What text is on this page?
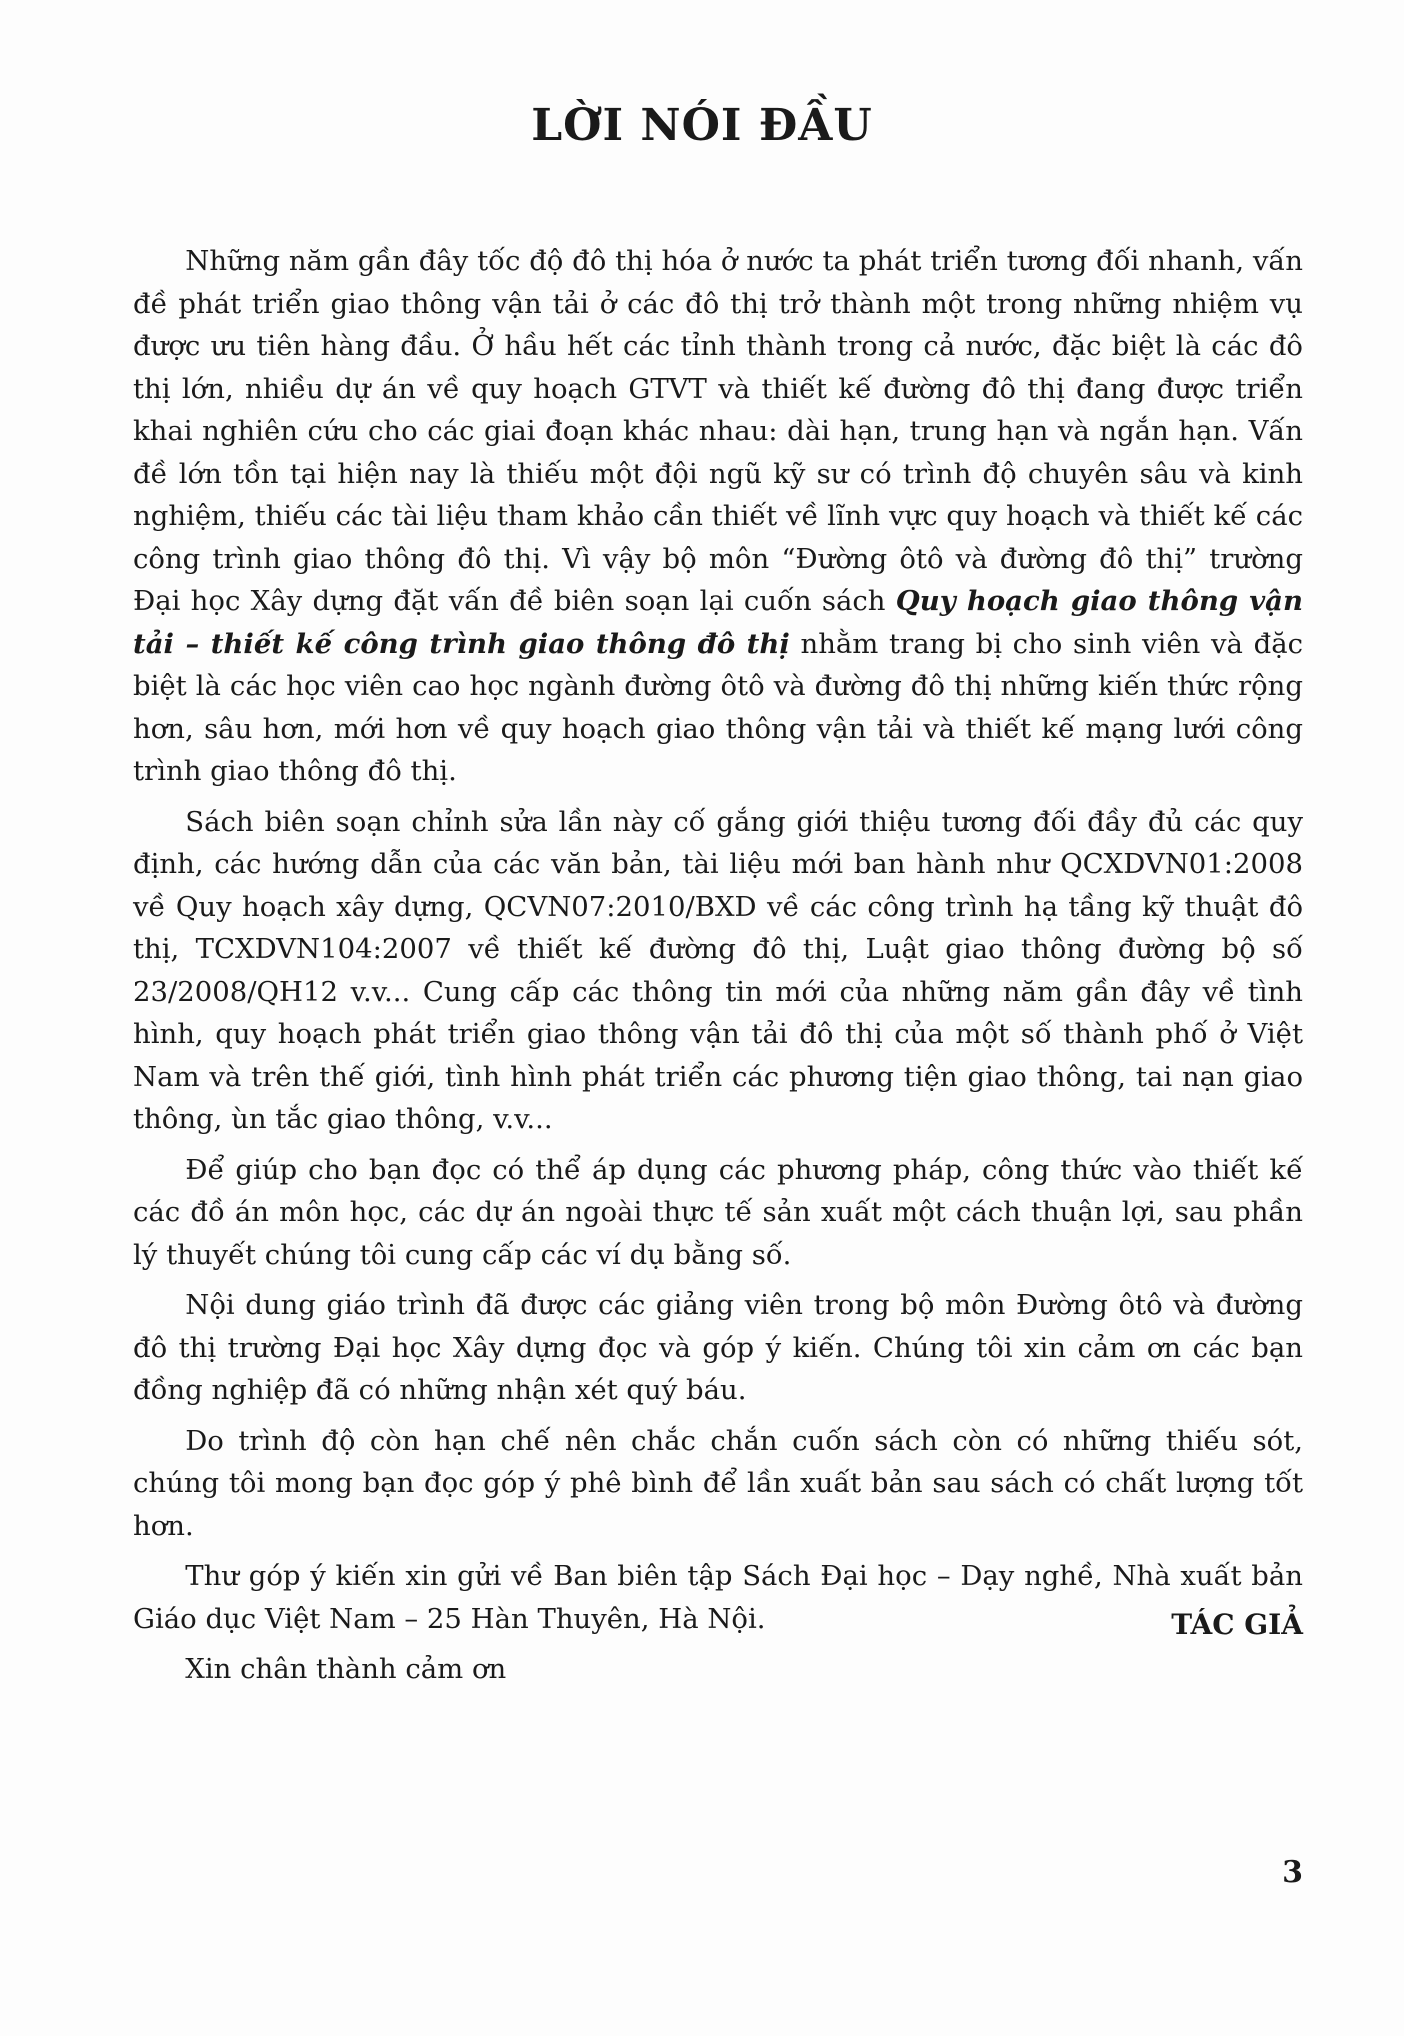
LỜI NÓI ĐẦU

Những năm gần đây tốc độ đô thị hóa ở nước ta phát triển tương đối nhanh, vấn đề phát triển giao thông vận tải ở các đô thị trở thành một trong những nhiệm vụ được ưu tiên hàng đầu. Ở hầu hết các tỉnh thành trong cả nước, đặc biệt là các đô thị lớn, nhiều dự án về quy hoạch GTVT và thiết kế đường đô thị đang được triển khai nghiên cứu cho các giai đoạn khác nhau: dài hạn, trung hạn và ngắn hạn. Vấn đề lớn tồn tại hiện nay là thiếu một đội ngũ kỹ sư có trình độ chuyên sâu và kinh nghiệm, thiếu các tài liệu tham khảo cần thiết về lĩnh vực quy hoạch và thiết kế các công trình giao thông đô thị. Vì vậy bộ môn “Đường ôtô và đường đô thị” trường Đại học Xây dựng đặt vấn đề biên soạn lại cuốn sách Quy hoạch giao thông vận tải – thiết kế công trình giao thông đô thị nhằm trang bị cho sinh viên và đặc biệt là các học viên cao học ngành đường ôtô và đường đô thị những kiến thức rộng hơn, sâu hơn, mới hơn về quy hoạch giao thông vận tải và thiết kế mạng lưới công trình giao thông đô thị.

Sách biên soạn chỉnh sửa lần này cố gắng giới thiệu tương đối đầy đủ các quy định, các hướng dẫn của các văn bản, tài liệu mới ban hành như QCXDVN01:2008 về Quy hoạch xây dựng, QCVN07:2010/BXD về các công trình hạ tầng kỹ thuật đô thị, TCXDVN104:2007 về thiết kế đường đô thị, Luật giao thông đường bộ số 23/2008/QH12 v.v... Cung cấp các thông tin mới của những năm gần đây về tình hình, quy hoạch phát triển giao thông vận tải đô thị của một số thành phố ở Việt Nam và trên thế giới, tình hình phát triển các phương tiện giao thông, tai nạn giao thông, ùn tắc giao thông, v.v...

Để giúp cho bạn đọc có thể áp dụng các phương pháp, công thức vào thiết kế các đồ án môn học, các dự án ngoài thực tế sản xuất một cách thuận lợi, sau phần lý thuyết chúng tôi cung cấp các ví dụ bằng số.

Nội dung giáo trình đã được các giảng viên trong bộ môn Đường ôtô và đường đô thị trường Đại học Xây dựng đọc và góp ý kiến. Chúng tôi xin cảm ơn các bạn đồng nghiệp đã có những nhận xét quý báu.

Do trình độ còn hạn chế nên chắc chắn cuốn sách còn có những thiếu sót, chúng tôi mong bạn đọc góp ý phê bình để lần xuất bản sau sách có chất lượng tốt hơn.

Thư góp ý kiến xin gửi về Ban biên tập Sách Đại học – Dạy nghề, Nhà xuất bản Giáo dục Việt Nam – 25 Hàn Thuyên, Hà Nội.

Xin chân thành cảm ơn

TÁC GIẢ

3
